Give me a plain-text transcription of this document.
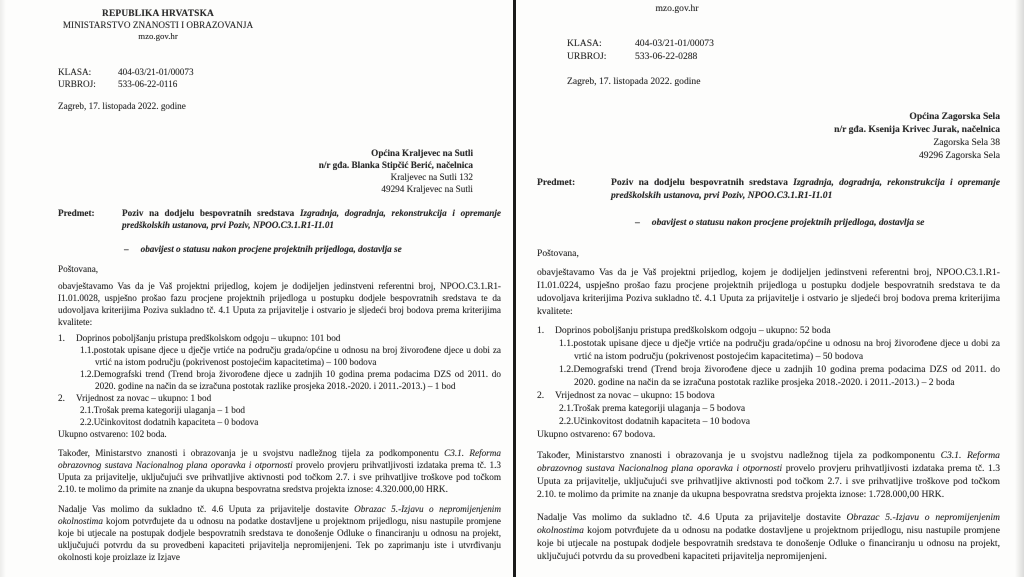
REPUBLIKA HRVATSKA
MINISTARSTVO ZNANOSTI I OBRAZOVANJA
mzo.gov.hr
KLASA:	404-03/21-01/00073
URBROJ:	533-06-22-0116
Zagreb, 17. listopada 2022. godine
Općina Kraljevec na Sutli
n/r gđa. Blanka Stipčić Berić, načelnica
Kraljevec na Sutli 132
49294 Kraljevec na Sutli
Predmet:	Poziv na dodjelu bespovratnih sredstava Izgradnja, dogradnja, rekonstrukcija i opremanje predškolskih ustanova, prvi Poziv, NPOO.C3.1.R1-I1.01
– obavijest o statusu nakon procjene projektnih prijedloga, dostavlja se
Poštovana,
obavještavamo Vas da je Vaš projektni prijedlog, kojem je dodijeljen jedinstveni referentni broj, NPOO.C3.1.R1-I1.01.0028, uspješno prošao fazu procjene projektnih prijedloga u postupku dodjele bespovratnih sredstava te da udovoljava kriterijima Poziva sukladno tč. 4.1 Uputa za prijavitelje i ostvario je sljedeći broj bodova prema kriterijima kvalitete:
1. Doprinos poboljšanju pristupa predškolskom odgoju – ukupno: 101 bod
1.1.postotak upisane djece u dječje vrtiće na području grada/općine u odnosu na broj živorođene djece u dobi za vrtić na istom području (pokrivenost postojećim kapacitetima) – 100 bodova
1.2.Demografski trend (Trend broja živorođene djece u zadnjih 10 godina prema podacima DZS od 2011. do 2020. godine na način da se izračuna postotak razlike prosjeka 2018.-2020. i 2011.-2013.) – 1 bod
2. Vrijednost za novac – ukupno: 1 bod
2.1.Trošak prema kategoriji ulaganja – 1 bod
2.2.Učinkovitost dodatnih kapaciteta – 0 bodova
Ukupno ostvareno: 102 boda.
Također, Ministarstvo znanosti i obrazovanja je u svojstvu nadležnog tijela za podkomponentu C3.1. Reforma obrazovnog sustava Nacionalnog plana oporavka i otpornosti provelo provjeru prihvatljivosti izdataka prema tč. 1.3 Uputa za prijavitelje, uključujući sve prihvatljive aktivnosti pod točkom 2.7. i sve prihvatljive troškove pod točkom 2.10. te molimo da primite na znanje da ukupna bespovratna sredstva projekta iznose: 4.320.000,00 HRK.
Nadalje Vas molimo da sukladno tč. 4.6 Uputa za prijavitelje dostavite Obrazac 5.-Izjavu o nepromijenjenim okolnostima kojom potvrđujete da u odnosu na podatke dostavljene u projektnom prijedlogu, nisu nastupile promjene koje bi utjecale na postupak dodjele bespovratnih sredstava te donošenje Odluke o financiranju u odnosu na projekt, uključujući potvrdu da su provedbeni kapaciteti prijavitelja nepromijenjeni. Tek po zaprimanju iste i utvrđivanju okolnosti koje proizlaze iz Izjave
mzo.gov.hr
KLASA:	404-03/21-01/00073
URBROJ:	533-06-22-0288
Zagreb, 17. listopada 2022. godine
Općina Zagorska Sela
n/r gđa. Ksenija Krivec Jurak, načelnica
Zagorska Sela 38
49296 Zagorska Sela
Predmet:	Poziv na dodjelu bespovratnih sredstava Izgradnja, dogradnja, rekonstrukcija i opremanje predškolskih ustanova, prvi Poziv, NPOO.C3.1.R1-I1.01
– obavijest o statusu nakon procjene projektnih prijedloga, dostavlja se
Poštovana,
obavještavamo Vas da je Vaš projektni prijedlog, kojem je dodijeljen jedinstveni referentni broj, NPOO.C3.1.R1-I1.01.0224, uspješno prošao fazu procjene projektnih prijedloga u postupku dodjele bespovratnih sredstava te da udovoljava kriterijima Poziva sukladno tč. 4.1 Uputa za prijavitelje i ostvario je sljedeći broj bodova prema kriterijima kvalitete:
1. Doprinos poboljšanju pristupa predškolskom odgoju – ukupno: 52 boda
1.1.postotak upisane djece u dječje vrtiće na području grada/općine u odnosu na broj živorođene djece u dobi za vrtić na istom području (pokrivenost postojećim kapacitetima) – 50 bodova
1.2.Demografski trend (Trend broja živorođene djece u zadnjih 10 godina prema podacima DZS od 2011. do 2020. godine na način da se izračuna postotak razlike prosjeka 2018.-2020. i 2011.-2013.) – 2 boda
2. Vrijednost za novac – ukupno: 15 bodova
2.1.Trošak prema kategoriji ulaganja – 5 bodova
2.2.Učinkovitost dodatnih kapaciteta – 10 bodova
Ukupno ostvareno: 67 bodova.
Također, Ministarstvo znanosti i obrazovanja je u svojstvu nadležnog tijela za podkomponentu C3.1. Reforma obrazovnog sustava Nacionalnog plana oporavka i otpornosti provelo provjeru prihvatljivosti izdataka prema tč. 1.3 Uputa za prijavitelje, uključujući sve prihvatljive aktivnosti pod točkom 2.7. i sve prihvatljive troškove pod točkom 2.10. te molimo da primite na znanje da ukupna bespovratna sredstva projekta iznose: 1.728.000,00 HRK.
Nadalje Vas molimo da sukladno tč. 4.6 Uputa za prijavitelje dostavite Obrazac 5.-Izjavu o nepromijenjenim okolnostima kojom potvrđujete da u odnosu na podatke dostavljene u projektnom prijedlogu, nisu nastupile promjene koje bi utjecale na postupak dodjele bespovratnih sredstava te donošenje Odluke o financiranju u odnosu na projekt, uključujući potvrdu da su provedbeni kapaciteti prijavitelja nepromijenjeni.
